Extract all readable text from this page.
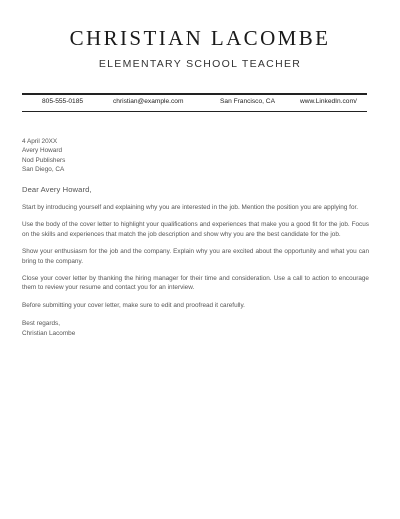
CHRISTIAN LACOMBE
ELEMENTARY SCHOOL TEACHER
805-555-0185	christian@example.com	San Francisco, CA	www.LinkedIn.com/
4 April 20XX
Avery Howard
Nod Publishers
San Diego, CA
Dear Avery Howard,

Start by introducing yourself and explaining why you are interested in the job. Mention the position you are applying for.

Use the body of the cover letter to highlight your qualifications and experiences that make you a good fit for the job. Focus on the skills and experiences that match the job description and show why you are the best candidate for the job.

Show your enthusiasm for the job and the company. Explain why you are excited about the opportunity and what you can bring to the company.

Close your cover letter by thanking the hiring manager for their time and consideration. Use a call to action to encourage them to review your resume and contact you for an interview.

Before submitting your cover letter, make sure to edit and proofread it carefully.

Best regards,
Christian Lacombe
